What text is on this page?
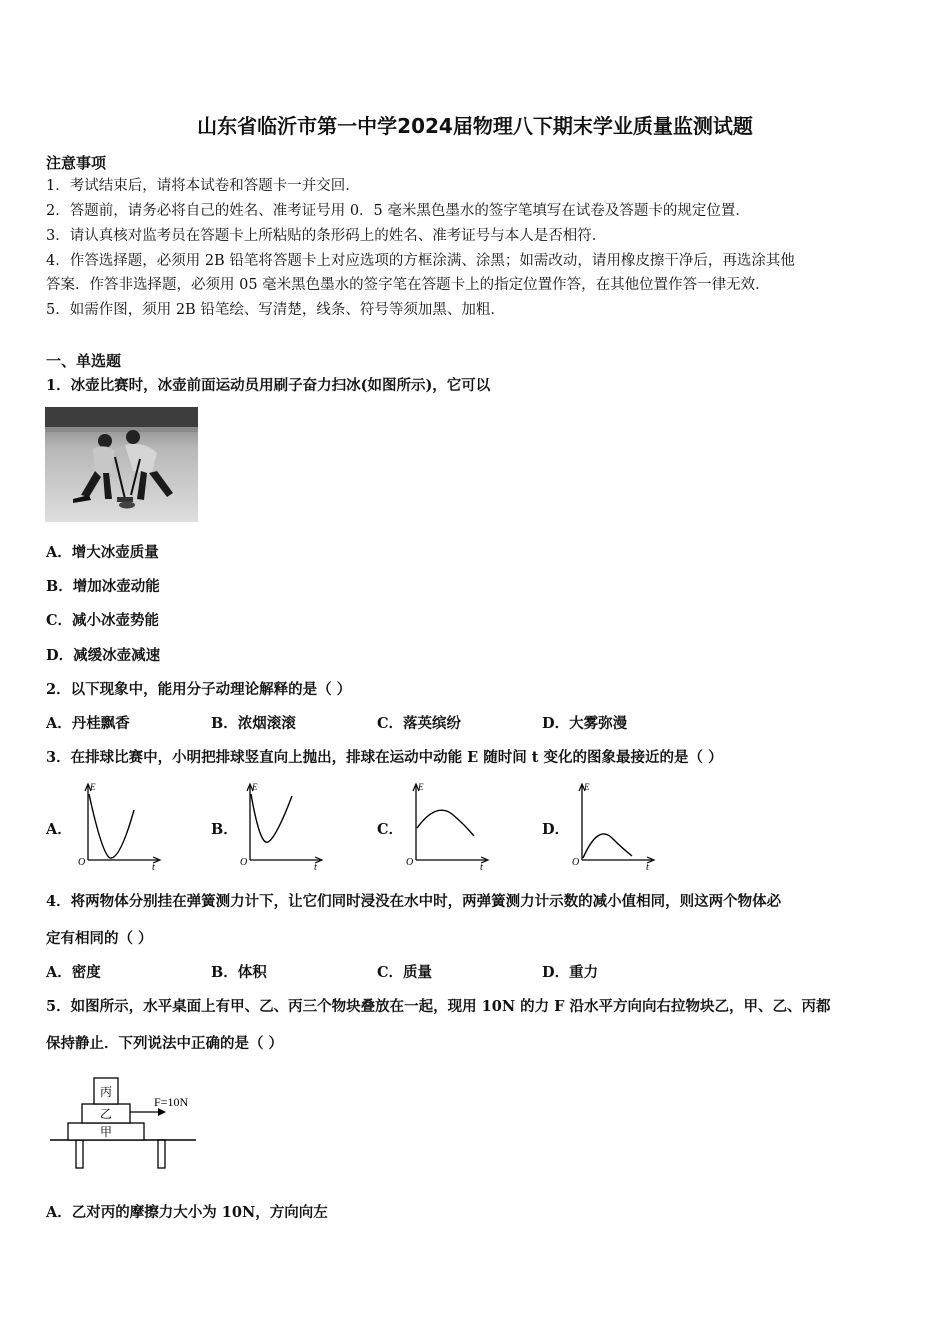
山东省临沂市第一中学2024届物理八下期末学业质量监测试题
注意事项
1．考试结束后，请将本试卷和答题卡一并交回．
2．答题前，请务必将自己的姓名、准考证号用 0．5 毫米黑色墨水的签字笔填写在试卷及答题卡的规定位置．
3．请认真核对监考员在答题卡上所粘贴的条形码上的姓名、准考证号与本人是否相符．
4．作答选择题，必须用 2B 铅笔将答题卡上对应选项的方框涂满、涂黑；如需改动，请用橡皮擦干净后，再选涂其他
答案．作答非选择题，必须用 05 毫米黑色墨水的签字笔在答题卡上的指定位置作答，在其他位置作答一律无效．
5．如需作图，须用 2B 铅笔绘、写清楚，线条、符号等须加黑、加粗．
一、单选题
1．冰壶比赛时，冰壶前面运动员用刷子奋力扫冰(如图所示)，它可以
A．增大冰壶质量
B．增加冰壶动能
C．减小冰壶势能
D．减缓冰壶减速
2．以下现象中，能用分子动理论解释的是（ ）
A．丹桂飘香	B．浓烟滚滚	C．落英缤纷	D．大雾弥漫
3．在排球比赛中，小明把排球竖直向上抛出，排球在运动中动能 E 随时间 t 变化的图象最接近的是（ ）
A．
E
O	t
B．
E
O	t
C．
E
O	t
D．
E
O	t
4．将两物体分别挂在弹簧测力计下，让它们同时浸没在水中时，两弹簧测力计示数的减小值相同，则这两个物体必
定有相同的（ ）
A．密度	B．体积	C．质量	D．重力
5．如图所示，水平桌面上有甲、乙、丙三个物块叠放在一起，现用 10N 的力 F 沿水平方向向右拉物块乙，甲、乙、丙都
保持静止．下列说法中正确的是（ ）
甲
乙
丙
F=10N
A．乙对丙的摩擦力大小为 10N，方向向左
